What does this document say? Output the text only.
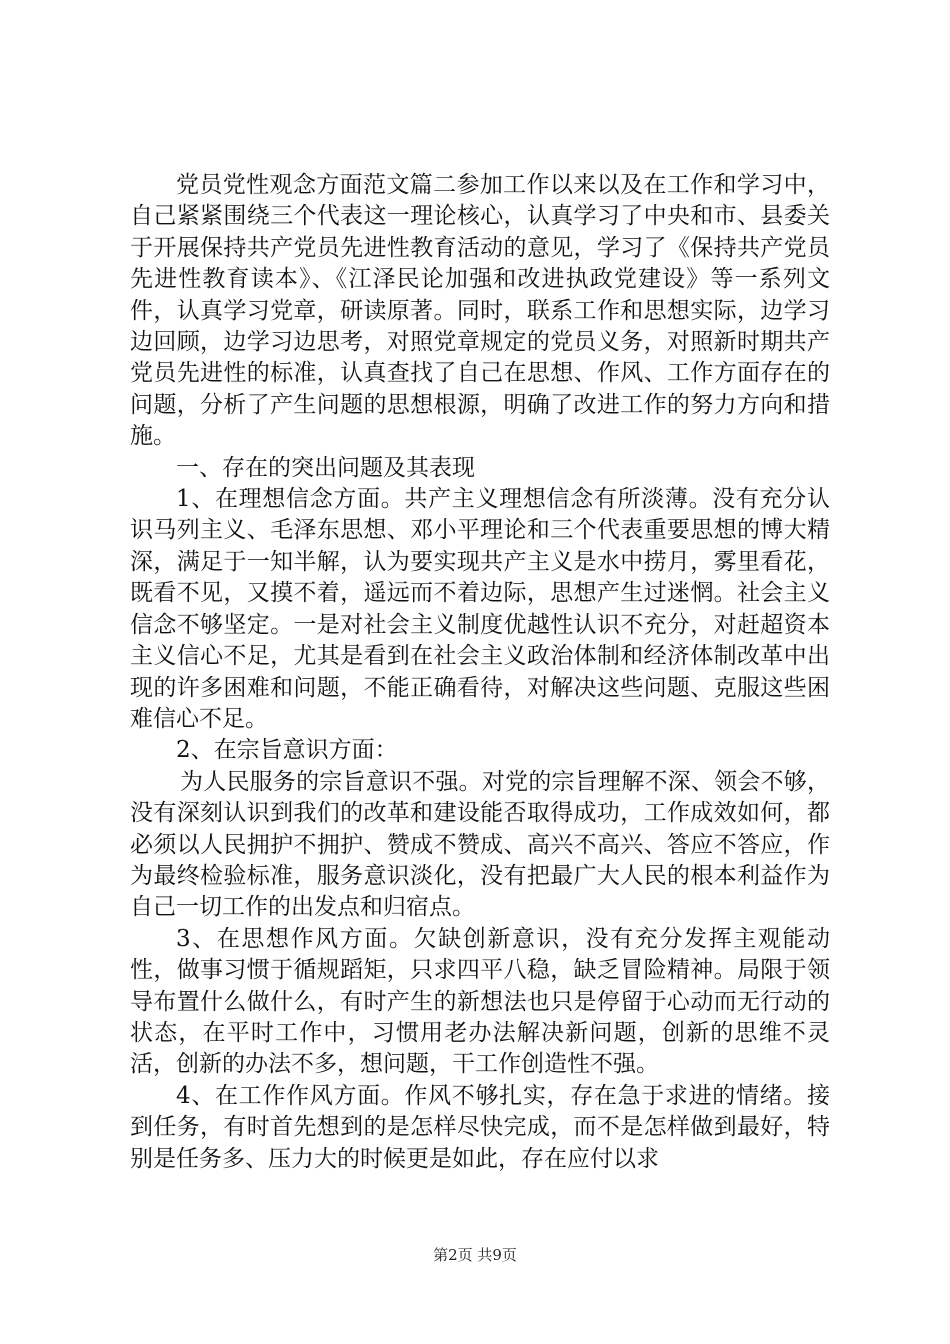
党员党性观念方面范文篇二参加工作以来以及在工作和学习中，自己紧紧围绕三个代表这一理论核心，认真学习了中央和市、县委关于开展保持共产党员先进性教育活动的意见，学习了《保持共产党员先进性教育读本》、《江泽民论加强和改进执政党建设》等一系列文件，认真学习党章，研读原著。同时，联系工作和思想实际，边学习边回顾，边学习边思考，对照党章规定的党员义务，对照新时期共产党员先进性的标准，认真查找了自己在思想、作风、工作方面存在的问题，分析了产生问题的思想根源，明确了改进工作的努力方向和措施。

一、存在的突出问题及其表现

1、在理想信念方面。共产主义理想信念有所淡薄。没有充分认识马列主义、毛泽东思想、邓小平理论和三个代表重要思想的博大精深，满足于一知半解，认为要实现共产主义是水中捞月，雾里看花，既看不见，又摸不着，遥远而不着边际，思想产生过迷惘。社会主义信念不够坚定。一是对社会主义制度优越性认识不充分，对赶超资本主义信心不足，尤其是看到在社会主义政治体制和经济体制改革中出现的许多困难和问题，不能正确看待，对解决这些问题、克服这些困难信心不足。

2、在宗旨意识方面：

为人民服务的宗旨意识不强。对党的宗旨理解不深、领会不够，没有深刻认识到我们的改革和建设能否取得成功，工作成效如何，都必须以人民拥护不拥护、赞成不赞成、高兴不高兴、答应不答应，作为最终检验标准，服务意识淡化，没有把最广大人民的根本利益作为自己一切工作的出发点和归宿点。

3、在思想作风方面。欠缺创新意识，没有充分发挥主观能动性，做事习惯于循规蹈矩，只求四平八稳，缺乏冒险精神。局限于领导布置什么做什么，有时产生的新想法也只是停留于心动而无行动的状态，在平时工作中，习惯用老办法解决新问题，创新的思维不灵活，创新的办法不多，想问题，干工作创造性不强。

4、在工作作风方面。作风不够扎实，存在急于求进的情绪。接到任务，有时首先想到的是怎样尽快完成，而不是怎样做到最好，特别是任务多、压力大的时候更是如此，存在应付以求

第2页 共9页
